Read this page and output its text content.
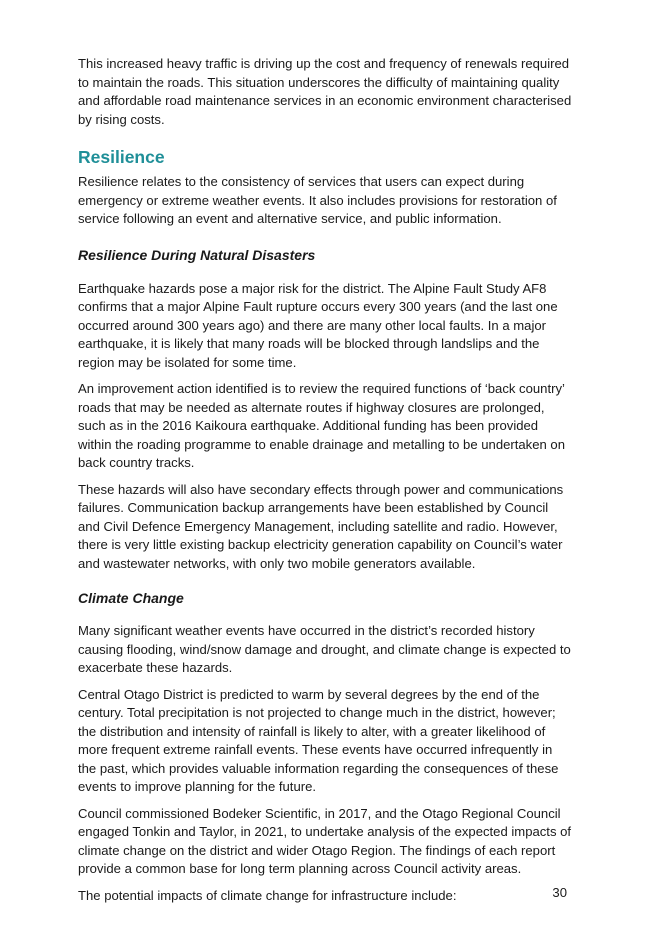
This increased heavy traffic is driving up the cost and frequency of renewals required to maintain the roads. This situation underscores the difficulty of maintaining quality and affordable road maintenance services in an economic environment characterised by rising costs.

Resilience

Resilience relates to the consistency of services that users can expect during emergency or extreme weather events. It also includes provisions for restoration of service following an event and alternative service, and public information.

Resilience During Natural Disasters

Earthquake hazards pose a major risk for the district. The Alpine Fault Study AF8 confirms that a major Alpine Fault rupture occurs every 300 years (and the last one occurred around 300 years ago) and there are many other local faults. In a major earthquake, it is likely that many roads will be blocked through landslips and the region may be isolated for some time.

An improvement action identified is to review the required functions of ‘back country’ roads that may be needed as alternate routes if highway closures are prolonged, such as in the 2016 Kaikoura earthquake. Additional funding has been provided within the roading programme to enable drainage and metalling to be undertaken on back country tracks.

These hazards will also have secondary effects through power and communications failures. Communication backup arrangements have been established by Council and Civil Defence Emergency Management, including satellite and radio. However, there is very little existing backup electricity generation capability on Council’s water and wastewater networks, with only two mobile generators available.

Climate Change

Many significant weather events have occurred in the district’s recorded history causing flooding, wind/snow damage and drought, and climate change is expected to exacerbate these hazards.

Central Otago District is predicted to warm by several degrees by the end of the century. Total precipitation is not projected to change much in the district, however; the distribution and intensity of rainfall is likely to alter, with a greater likelihood of more frequent extreme rainfall events. These events have occurred infrequently in the past, which provides valuable information regarding the consequences of these events to improve planning for the future.

Council commissioned Bodeker Scientific, in 2017, and the Otago Regional Council engaged Tonkin and Taylor, in 2021, to undertake analysis of the expected impacts of climate change on the district and wider Otago Region. The findings of each report provide a common base for long term planning across Council activity areas.

The potential impacts of climate change for infrastructure include:	30
